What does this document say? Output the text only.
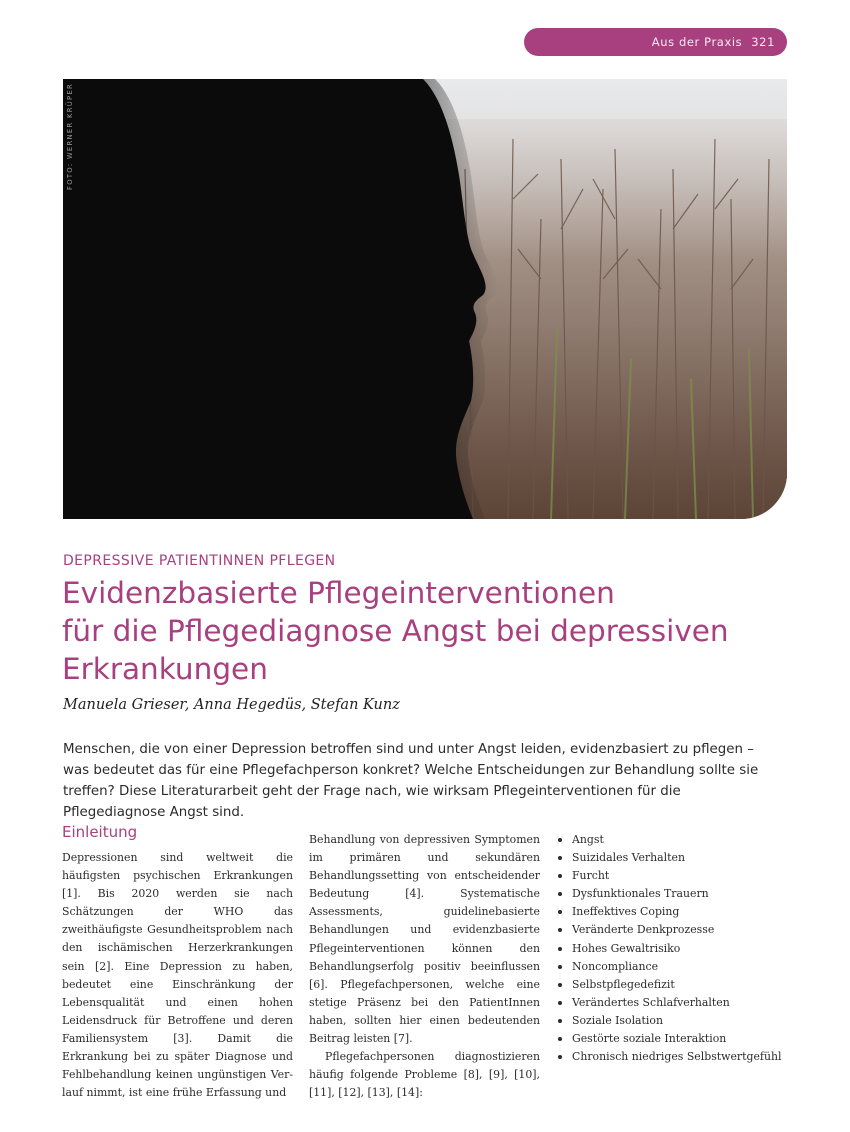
Aus der Praxis 321
FOTO: WERNER KRÜPER
DEPRESSIVE PATIENTINNEN PFLEGEN
Evidenzbasierte Pflegeinterventionen
für die Pflegediagnose Angst bei depressiven
Erkrankungen
Manuela Grieser, Anna Hegedüs, Stefan Kunz

Menschen, die von einer Depression betroffen sind und unter Angst leiden, evidenzbasiert zu pflegen – was bedeutet das für eine Pflegefachperson konkret? Welche Entscheidungen zur Behandlung sollte sie treffen? Diese Literaturarbeit geht der Frage nach, wie wirksam Pflegeinterventionen für die Pflegediagnose Angst sind.

Einleitung

Depressionen sind weltweit die häufigsten psychischen Erkrankungen [1]. Bis 2020 werden sie nach Schätzungen der WHO das zweithäufigste Gesundheitsproblem nach den ischämischen Herzerkrankungen sein [2]. Eine Depression zu haben, bedeutet eine Einschränkung der Lebensqualität und einen hohen Leidensdruck für Betroffene und deren Familiensystem [3]. Damit die Erkrankung bei zu später Diagnose und Fehlbehandlung keinen ungünstigen Verlauf nimmt, ist eine frühe Erfassung und

Behandlung von depressiven Symptomen im primären und sekundären Behandlungssetting von entscheidender Bedeutung [4]. Systematische Assessments, guidelinebasierte Behandlungen und evidenzbasierte Pflegeinterventionen können den Behandlungserfolg positiv beeinflussen [6]. Pflegefachpersonen, welche eine stetige Präsenz bei den PatientInnen haben, sollten hier einen bedeutenden Beitrag leisten [7].

Pflegefachpersonen diagnostizieren häufig folgende Probleme [8], [9], [10], [11], [12], [13], [14]:

Angst
Suizidales Verhalten
Furcht
Dysfunktionales Trauern
Ineffektives Coping
Veränderte Denkprozesse
Hohes Gewaltrisiko
Noncompliance
Selbstpflegedefizit
Verändertes Schlafverhalten
Soziale Isolation
Gestörte soziale Interaktion
Chronisch niedriges Selbstwertgefühl
